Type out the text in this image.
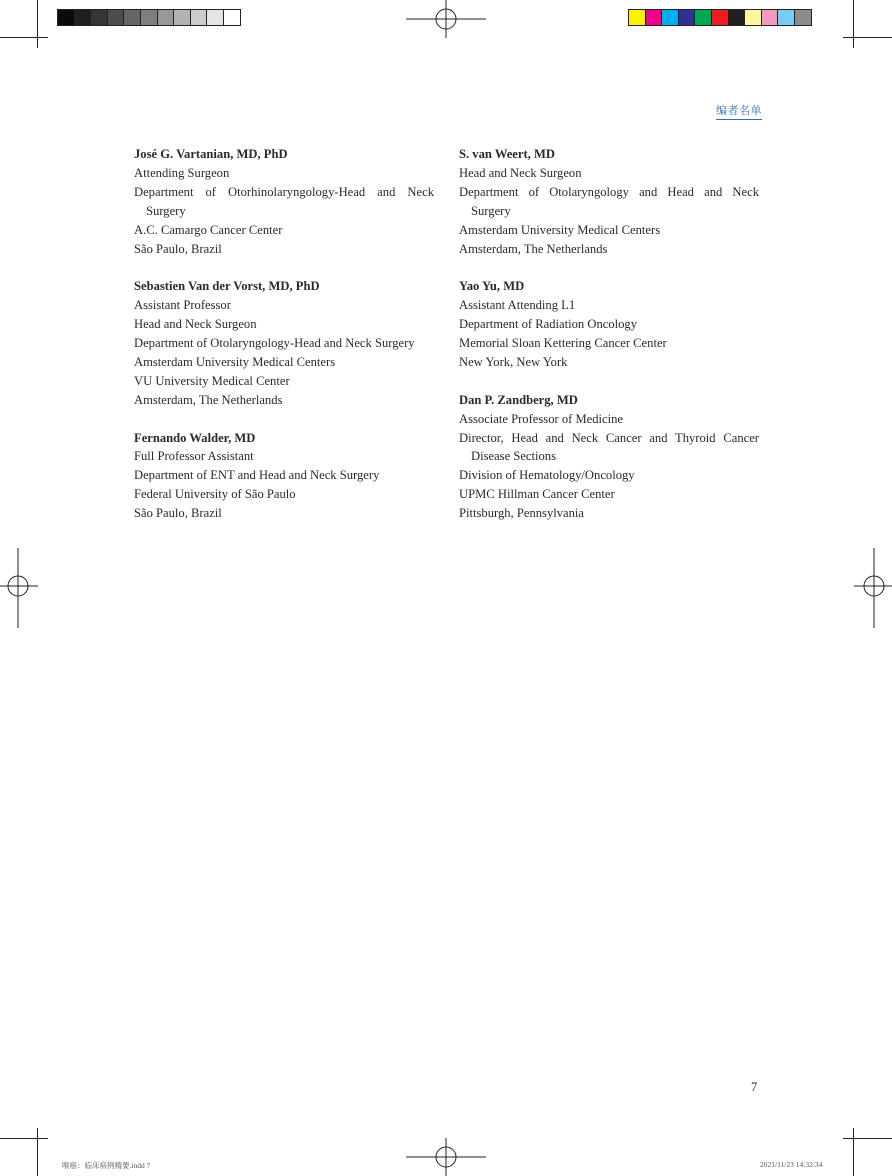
编者名单
José G. Vartanian, MD, PhD
Attending Surgeon
Department of Otorhinolaryngology-Head and Neck Surgery
A.C. Camargo Cancer Center
São Paulo, Brazil
Sebastien Van der Vorst, MD, PhD
Assistant Professor
Head and Neck Surgeon
Department of Otolaryngology-Head and Neck Surgery
Amsterdam University Medical Centers
VU University Medical Center
Amsterdam, The Netherlands
Fernando Walder, MD
Full Professor Assistant
Department of ENT and Head and Neck Surgery
Federal University of São Paulo
São Paulo, Brazil
S. van Weert, MD
Head and Neck Surgeon
Department of Otolaryngology and Head and Neck Surgery
Amsterdam University Medical Centers
Amsterdam, The Netherlands
Yao Yu, MD
Assistant Attending L1
Department of Radiation Oncology
Memorial Sloan Kettering Cancer Center
New York, New York
Dan P. Zandberg, MD
Associate Professor of Medicine
Director, Head and Neck Cancer and Thyroid Cancer Disease Sections
Division of Hematology/Oncology
UPMC Hillman Cancer Center
Pittsburgh, Pennsylvania
7
喉癌：临床病例精要.indd 7	2021/11/23 14:32:34
